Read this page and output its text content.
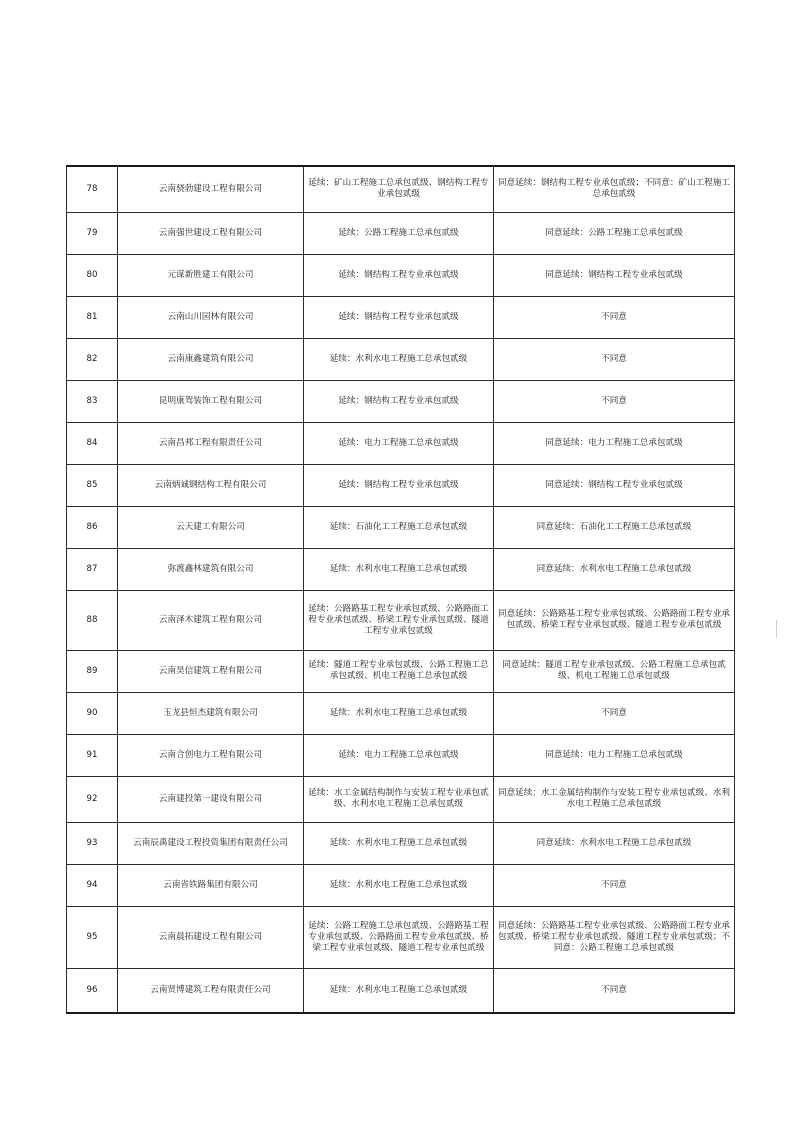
78	云南骁勃建设工程有限公司	延续：矿山工程施工总承包贰级、钢结构工程专业承包贰级	同意延续：钢结构工程专业承包贰级；不同意：矿山工程施工总承包贰级
79	云南强世建设工程有限公司	延续：公路工程施工总承包贰级	同意延续：公路工程施工总承包贰级
80	元谋新胜建工有限公司	延续：钢结构工程专业承包贰级	同意延续：钢结构工程专业承包贰级
81	云南山川园林有限公司	延续：钢结构工程专业承包贰级	不同意
82	云南康鑫建筑有限公司	延续：水利水电工程施工总承包贰级	不同意
83	昆明康驾装饰工程有限公司	延续：钢结构工程专业承包贰级	不同意
84	云南昌邦工程有限责任公司	延续：电力工程施工总承包贰级	同意延续：电力工程施工总承包贰级
85	云南炳诚钢结构工程有限公司	延续：钢结构工程专业承包贰级	同意延续：钢结构工程专业承包贰级
86	云天建工有限公司	延续：石油化工工程施工总承包贰级	同意延续：石油化工工程施工总承包贰级
87	弥渡鑫林建筑有限公司	延续：水利水电工程施工总承包贰级	同意延续：水利水电工程施工总承包贰级
88	云南泽木建筑工程有限公司	延续：公路路基工程专业承包贰级、公路路面工程专业承包贰级、桥梁工程专业承包贰级、隧道工程专业承包贰级	同意延续：公路路基工程专业承包贰级、公路路面工程专业承包贰级、桥梁工程专业承包贰级、隧道工程专业承包贰级
89	云南昊信建筑工程有限公司	延续：隧道工程专业承包贰级、公路工程施工总承包贰级、机电工程施工总承包贰级	同意延续：隧道工程专业承包贰级、公路工程施工总承包贰级、机电工程施工总承包贰级
90	玉龙县恒杰建筑有限公司	延续：水利水电工程施工总承包贰级	不同意
91	云南合创电力工程有限公司	延续：电力工程施工总承包贰级	同意延续：电力工程施工总承包贰级
92	云南建投第一建设有限公司	延续：水工金属结构制作与安装工程专业承包贰级、水利水电工程施工总承包贰级	同意延续：水工金属结构制作与安装工程专业承包贰级、水利水电工程施工总承包贰级
93	云南辰禹建设工程投资集团有限责任公司	延续：水利水电工程施工总承包贰级	同意延续：水利水电工程施工总承包贰级
94	云南省铁路集团有限公司	延续：水利水电工程施工总承包贰级	不同意
95	云南晨拓建设工程有限公司	延续：公路工程施工总承包贰级、公路路基工程专业承包贰级、公路路面工程专业承包贰级、桥梁工程专业承包贰级、隧道工程专业承包贰级	同意延续：公路路基工程专业承包贰级、公路路面工程专业承包贰级、桥梁工程专业承包贰级、隧道工程专业承包贰级；不同意：公路工程施工总承包贰级
96	云南贤博建筑工程有限责任公司	延续：水利水电工程施工总承包贰级	不同意
